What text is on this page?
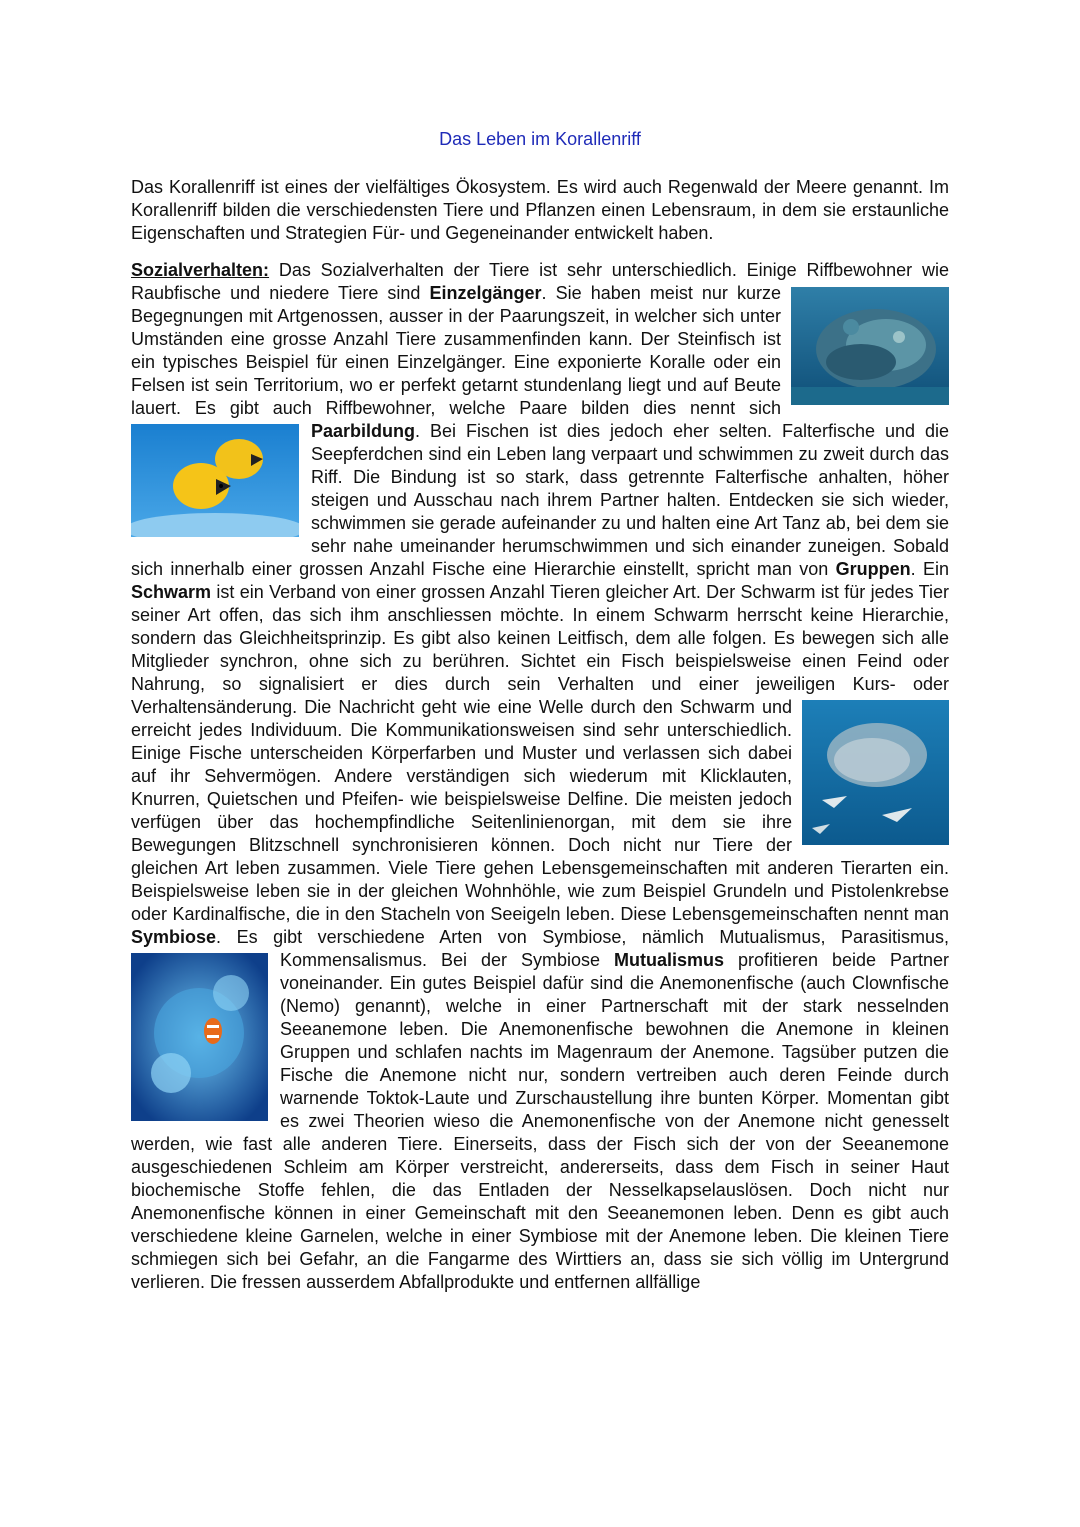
Das Leben im Korallenriff

Das Korallenriff ist eines der vielfältiges Ökosystem. Es wird auch Regenwald der Meere genannt. Im Korallenriff bilden die verschiedensten Tiere und Pflanzen einen Lebensraum, in dem sie erstaunliche Eigenschaften und Strategien Für- und Gegeneinander entwickelt haben.

Sozialverhalten: Das Sozialverhalten der Tiere ist sehr unterschiedlich. Einige Riffbewohner wie Raubfische und niedere Tiere sind
Einzelgänger. Sie haben meist nur kurze Begegnungen mit Artgenossen, ausser in der Paarungszeit, in welcher sich unter Umständen eine grosse Anzahl Tiere zusammenfinden kann. Der Steinfisch ist ein typisches Beispiel für einen Einzelgänger. Eine exponierte Koralle oder ein Felsen ist sein Territorium, wo er perfekt getarnt stundenlang liegt und auf Beute lauert. Es gibt auch Riffbewohner, welche Paare bilden dies nennt sich Paarbildung
. Bei Fischen ist dies jedoch eher selten. Falterfische und die Seepferdchen sind ein Leben lang verpaart und schwimmen zu zweit durch das Riff. Die Bindung ist so stark, dass getrennte Falterfische anhalten, höher steigen und Ausschau nach ihrem Partner halten. Entdecken sie sich wieder, schwimmen sie gerade aufeinander zu und halten eine Art Tanz ab, bei dem sie sehr nahe umeinander herumschwimmen und sich einander zuneigen. Sobald sich innerhalb einer grossen Anzahl Fische eine Hierarchie einstellt, spricht man von Gruppen. Ein Schwarm ist ein Verband von einer grossen Anzahl Tieren gleicher Art. Der Schwarm ist für jedes Tier seiner Art offen, das sich ihm anschliessen möchte. In einem Schwarm herrscht keine Hierarchie, sondern das Gleichheitsprinzip. Es gibt also keinen Leitfisch, dem alle folgen. Es bewegen sich alle Mitglieder synchron, ohne sich zu berühren. Sichtet ein Fisch beispielsweise einen Feind oder Nahrung, so signalisiert er dies durch sein Verhalten und einer jeweiligen Kurs- oder Verhaltensänderung. Die Nachricht geht wie eine
Welle durch den Schwarm und erreicht jedes Individuum. Die Kommunikationsweisen sind sehr unterschiedlich. Einige Fische unterscheiden Körperfarben und Muster und verlassen sich dabei auf ihr Sehvermögen. Andere verständigen sich wiederum mit Klicklauten, Knurren, Quietschen und Pfeifen- wie beispielsweise Delfine. Die meisten jedoch verfügen über das hochempfindliche Seitenlinienorgan, mit dem sie ihre Bewegungen Blitzschnell synchronisieren können. Doch nicht nur Tiere der gleichen Art leben zusammen. Viele Tiere gehen Lebensgemeinschaften mit anderen Tierarten ein. Beispielsweise leben sie in der gleichen Wohnhöhle, wie zum Beispiel Grundeln und Pistolenkrebse oder Kardinalfische, die in den Stacheln von Seeigeln leben. Diese Lebensgemeinschaften nennt man Symbiose. Es gibt verschiedene Arten von Symbiose, nämlich Mutualismus, Parasitismus, Kommensalismus. Bei der Symbiose
Mutualismus profitieren beide Partner voneinander. Ein gutes Beispiel dafür sind die Anemonenfische (auch Clownfische (Nemo) genannt), welche in einer Partnerschaft mit der stark nesselnden Seeanemone leben. Die Anemonenfische bewohnen die Anemone in kleinen Gruppen und schlafen nachts im Magenraum der Anemone. Tagsüber putzen die Fische die Anemone nicht nur, sondern vertreiben auch deren Feinde durch warnende Toktok-Laute und Zurschaustellung ihre bunten Körper. Momentan gibt es zwei Theorien wieso die Anemonenfische von der Anemone nicht genesselt werden, wie fast alle anderen Tiere. Einerseits, dass der Fisch sich der von der Seeanemone ausgeschiedenen Schleim am Körper verstreicht, andererseits, dass dem Fisch in seiner Haut biochemische Stoffe fehlen, die das Entladen der Nesselkapselauslösen. Doch nicht nur Anemonenfische können in einer Gemeinschaft mit den Seeanemonen leben. Denn es gibt auch verschiedene kleine Garnelen, welche in einer Symbiose mit der Anemone leben. Die kleinen Tiere schmiegen sich bei Gefahr, an die Fangarme des Wirttiers an, dass sie sich völlig im Untergrund verlieren. Die fressen ausserdem Abfallprodukte und entfernen allfällige
